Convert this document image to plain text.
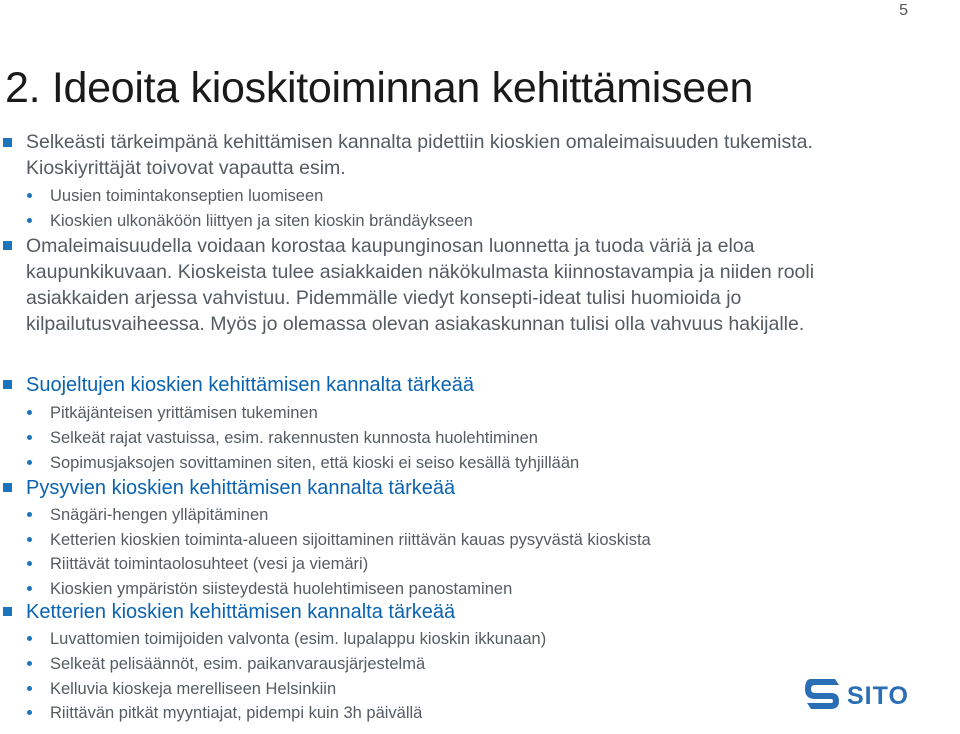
5
2. Ideoita kioskitoiminnan kehittämiseen
Selkeästi tärkeimpänä kehittämisen kannalta pidettiin kioskien omaleimaisuuden tukemista. Kioskiyrittäjät toivovat vapautta esim.
Uusien toimintakonseptien luomiseen
Kioskien ulkonäköön liittyen ja siten kioskin brändäykseen
Omaleimaisuudella voidaan korostaa kaupunginosan luonnetta ja tuoda väriä ja eloa kaupunkikuvaan. Kioskeista tulee asiakkaiden näkökulmasta kiinnostavampia ja niiden rooli asiakkaiden arjessa vahvistuu. Pidemmälle viedyt konsepti-ideat tulisi huomioida jo kilpailutusvaiheessa. Myös jo olemassa olevan asiakaskunnan tulisi olla vahvuus hakijalle.
Suojeltujen kioskien kehittämisen kannalta tärkeää
Pitkäjänteisen yrittämisen tukeminen
Selkeät rajat vastuissa, esim. rakennusten kunnosta huolehtiminen
Sopimusjaksojen sovittaminen siten, että kioski ei seiso kesällä tyhjillään
Pysyvien kioskien kehittämisen kannalta tärkeää
Snägäri-hengen ylläpitäminen
Ketterien kioskien toiminta-alueen sijoittaminen riittävän kauas pysyvästä kioskista
Riittävät toimintaolosuhteet (vesi ja viemäri)
Kioskien ympäristön siisteydestä huolehtimiseen panostaminen
Ketterien kioskien kehittämisen kannalta tärkeää
Luvattomien toimijoiden valvonta (esim. lupalappu kioskin ikkunaan)
Selkeät pelisäännöt, esim. paikanvarausjärjestelmä
Kelluvia kioskeja merelliseen Helsinkiin
Riittävän pitkät myyntiajat, pidempi kuin 3h päivällä
SITO
